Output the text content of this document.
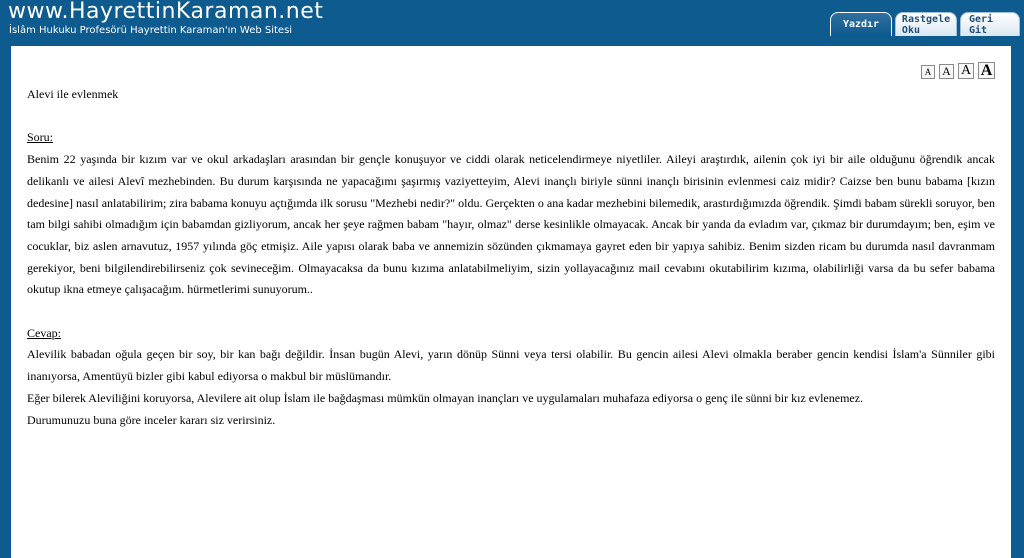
www.HayrettinKaraman.net
İslâm Hukuku Profesörü Hayrettin Karaman'ın Web Sitesi
Yazdır	Rastgele Oku
Geri Git
A A A A

Alevi ile evlenmek

Soru:

Benim 22 yaşında bir kızım var ve okul arkadaşları arasından bir gençle konuşuyor ve ciddi olarak neticelendirmeye niyetliler. Aileyi araştırdık, ailenin çok iyi bir aile olduğunu öğrendik ancak delikanlı ve ailesi Alevî mezhebinden. Bu durum karşısında ne yapacağımı şaşırmış vaziyetteyim, Alevi inançlı biriyle sünni inançlı birisinin evlenmesi caiz midir? Caizse ben bunu babama [kızın dedesine] nasıl anlatabilirim; zira babama konuyu açtığımda ilk sorusu "Mezhebi nedir?" oldu. Gerçekten o ana kadar mezhebini bilemedik, arastırdığımızda öğrendik. Şimdi babam sürekli soruyor, ben tam bilgi sahibi olmadığım için babamdan gizliyorum, ancak her şeye rağmen babam "hayır, olmaz" derse kesinlikle olmayacak. Ancak bir yanda da evladım var, çıkmaz bir durumdayım; ben, eşim ve cocuklar, biz aslen arnavutuz, 1957 yılında göç etmişiz. Aile yapısı olarak baba ve annemizin sözünden çıkmamaya gayret eden bir yapıya sahibiz. Benim sizden ricam bu durumda nasıl davranmam gerekiyor, beni bilgilendirebilirseniz çok sevineceğim. Olmayacaksa da bunu kızıma anlatabilmeliyim, sizin yollayacağınız mail cevabını okutabilirim kızıma, olabilirliği varsa da bu sefer babama okutup ikna etmeye çalışacağım. hürmetlerimi sunuyorum..

Cevap:

Alevilik babadan oğula geçen bir soy, bir kan bağı değildir. İnsan bugün Alevi, yarın dönüp Sünni veya tersi olabilir. Bu gencin ailesi Alevi olmakla beraber gencin kendisi İslam'a Sünniler gibi inanıyorsa, Amentüyü bizler gibi kabul ediyorsa o makbul bir müslümandır.

Eğer bilerek Aleviliğini koruyorsa, Alevilere ait olup İslam ile bağdaşması mümkün olmayan inançları ve uygulamaları muhafaza ediyorsa o genç ile sünni bir kız evlenemez.

Durumunuzu buna göre inceler kararı siz verirsiniz.
